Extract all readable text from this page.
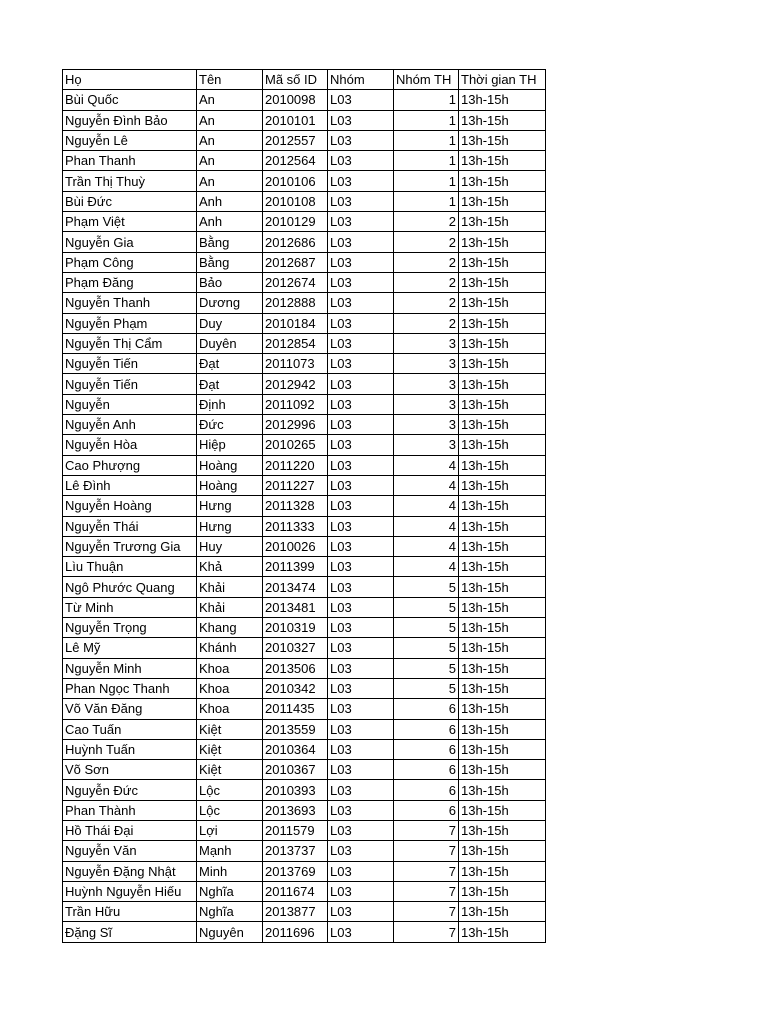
Họ	Tên	Mã số ID	Nhóm	Nhóm TH	Thời gian TH
Bùi Quốc	An	2010098	L03	1	13h-15h
Nguyễn Đình Bảo	An	2010101	L03	1	13h-15h
Nguyễn Lê	An	2012557	L03	1	13h-15h
Phan Thanh	An	2012564	L03	1	13h-15h
Trần Thị Thuỳ	An	2010106	L03	1	13h-15h
Bùi Đức	Anh	2010108	L03	1	13h-15h
Phạm Việt	Anh	2010129	L03	2	13h-15h
Nguyễn Gia	Bằng	2012686	L03	2	13h-15h
Phạm Công	Bằng	2012687	L03	2	13h-15h
Phạm Đăng	Bảo	2012674	L03	2	13h-15h
Nguyễn Thanh	Dương	2012888	L03	2	13h-15h
Nguyễn Phạm	Duy	2010184	L03	2	13h-15h
Nguyễn Thị Cẩm	Duyên	2012854	L03	3	13h-15h
Nguyễn Tiến	Đạt	2011073	L03	3	13h-15h
Nguyễn Tiến	Đạt	2012942	L03	3	13h-15h
Nguyễn	Định	2011092	L03	3	13h-15h
Nguyễn Anh	Đức	2012996	L03	3	13h-15h
Nguyễn Hòa	Hiệp	2010265	L03	3	13h-15h
Cao Phượng	Hoàng	2011220	L03	4	13h-15h
Lê Đình	Hoàng	2011227	L03	4	13h-15h
Nguyễn Hoàng	Hưng	2011328	L03	4	13h-15h
Nguyễn Thái	Hưng	2011333	L03	4	13h-15h
Nguyễn Trương Gia	Huy	2010026	L03	4	13h-15h
Lìu Thuận	Khả	2011399	L03	4	13h-15h
Ngô Phước Quang	Khải	2013474	L03	5	13h-15h
Từ Minh	Khải	2013481	L03	5	13h-15h
Nguyễn Trọng	Khang	2010319	L03	5	13h-15h
Lê Mỹ	Khánh	2010327	L03	5	13h-15h
Nguyễn Minh	Khoa	2013506	L03	5	13h-15h
Phan Ngọc Thanh	Khoa	2010342	L03	5	13h-15h
Võ Văn Đăng	Khoa	2011435	L03	6	13h-15h
Cao Tuấn	Kiệt	2013559	L03	6	13h-15h
Huỳnh Tuấn	Kiệt	2010364	L03	6	13h-15h
Võ Sơn	Kiệt	2010367	L03	6	13h-15h
Nguyễn Đức	Lộc	2010393	L03	6	13h-15h
Phan Thành	Lộc	2013693	L03	6	13h-15h
Hồ Thái Đại	Lợi	2011579	L03	7	13h-15h
Nguyễn Văn	Mạnh	2013737	L03	7	13h-15h
Nguyễn Đặng Nhật	Minh	2013769	L03	7	13h-15h
Huỳnh Nguyễn Hiếu	Nghĩa	2011674	L03	7	13h-15h
Trần Hữu	Nghĩa	2013877	L03	7	13h-15h
Đặng Sĩ	Nguyên	2011696	L03	7	13h-15h
